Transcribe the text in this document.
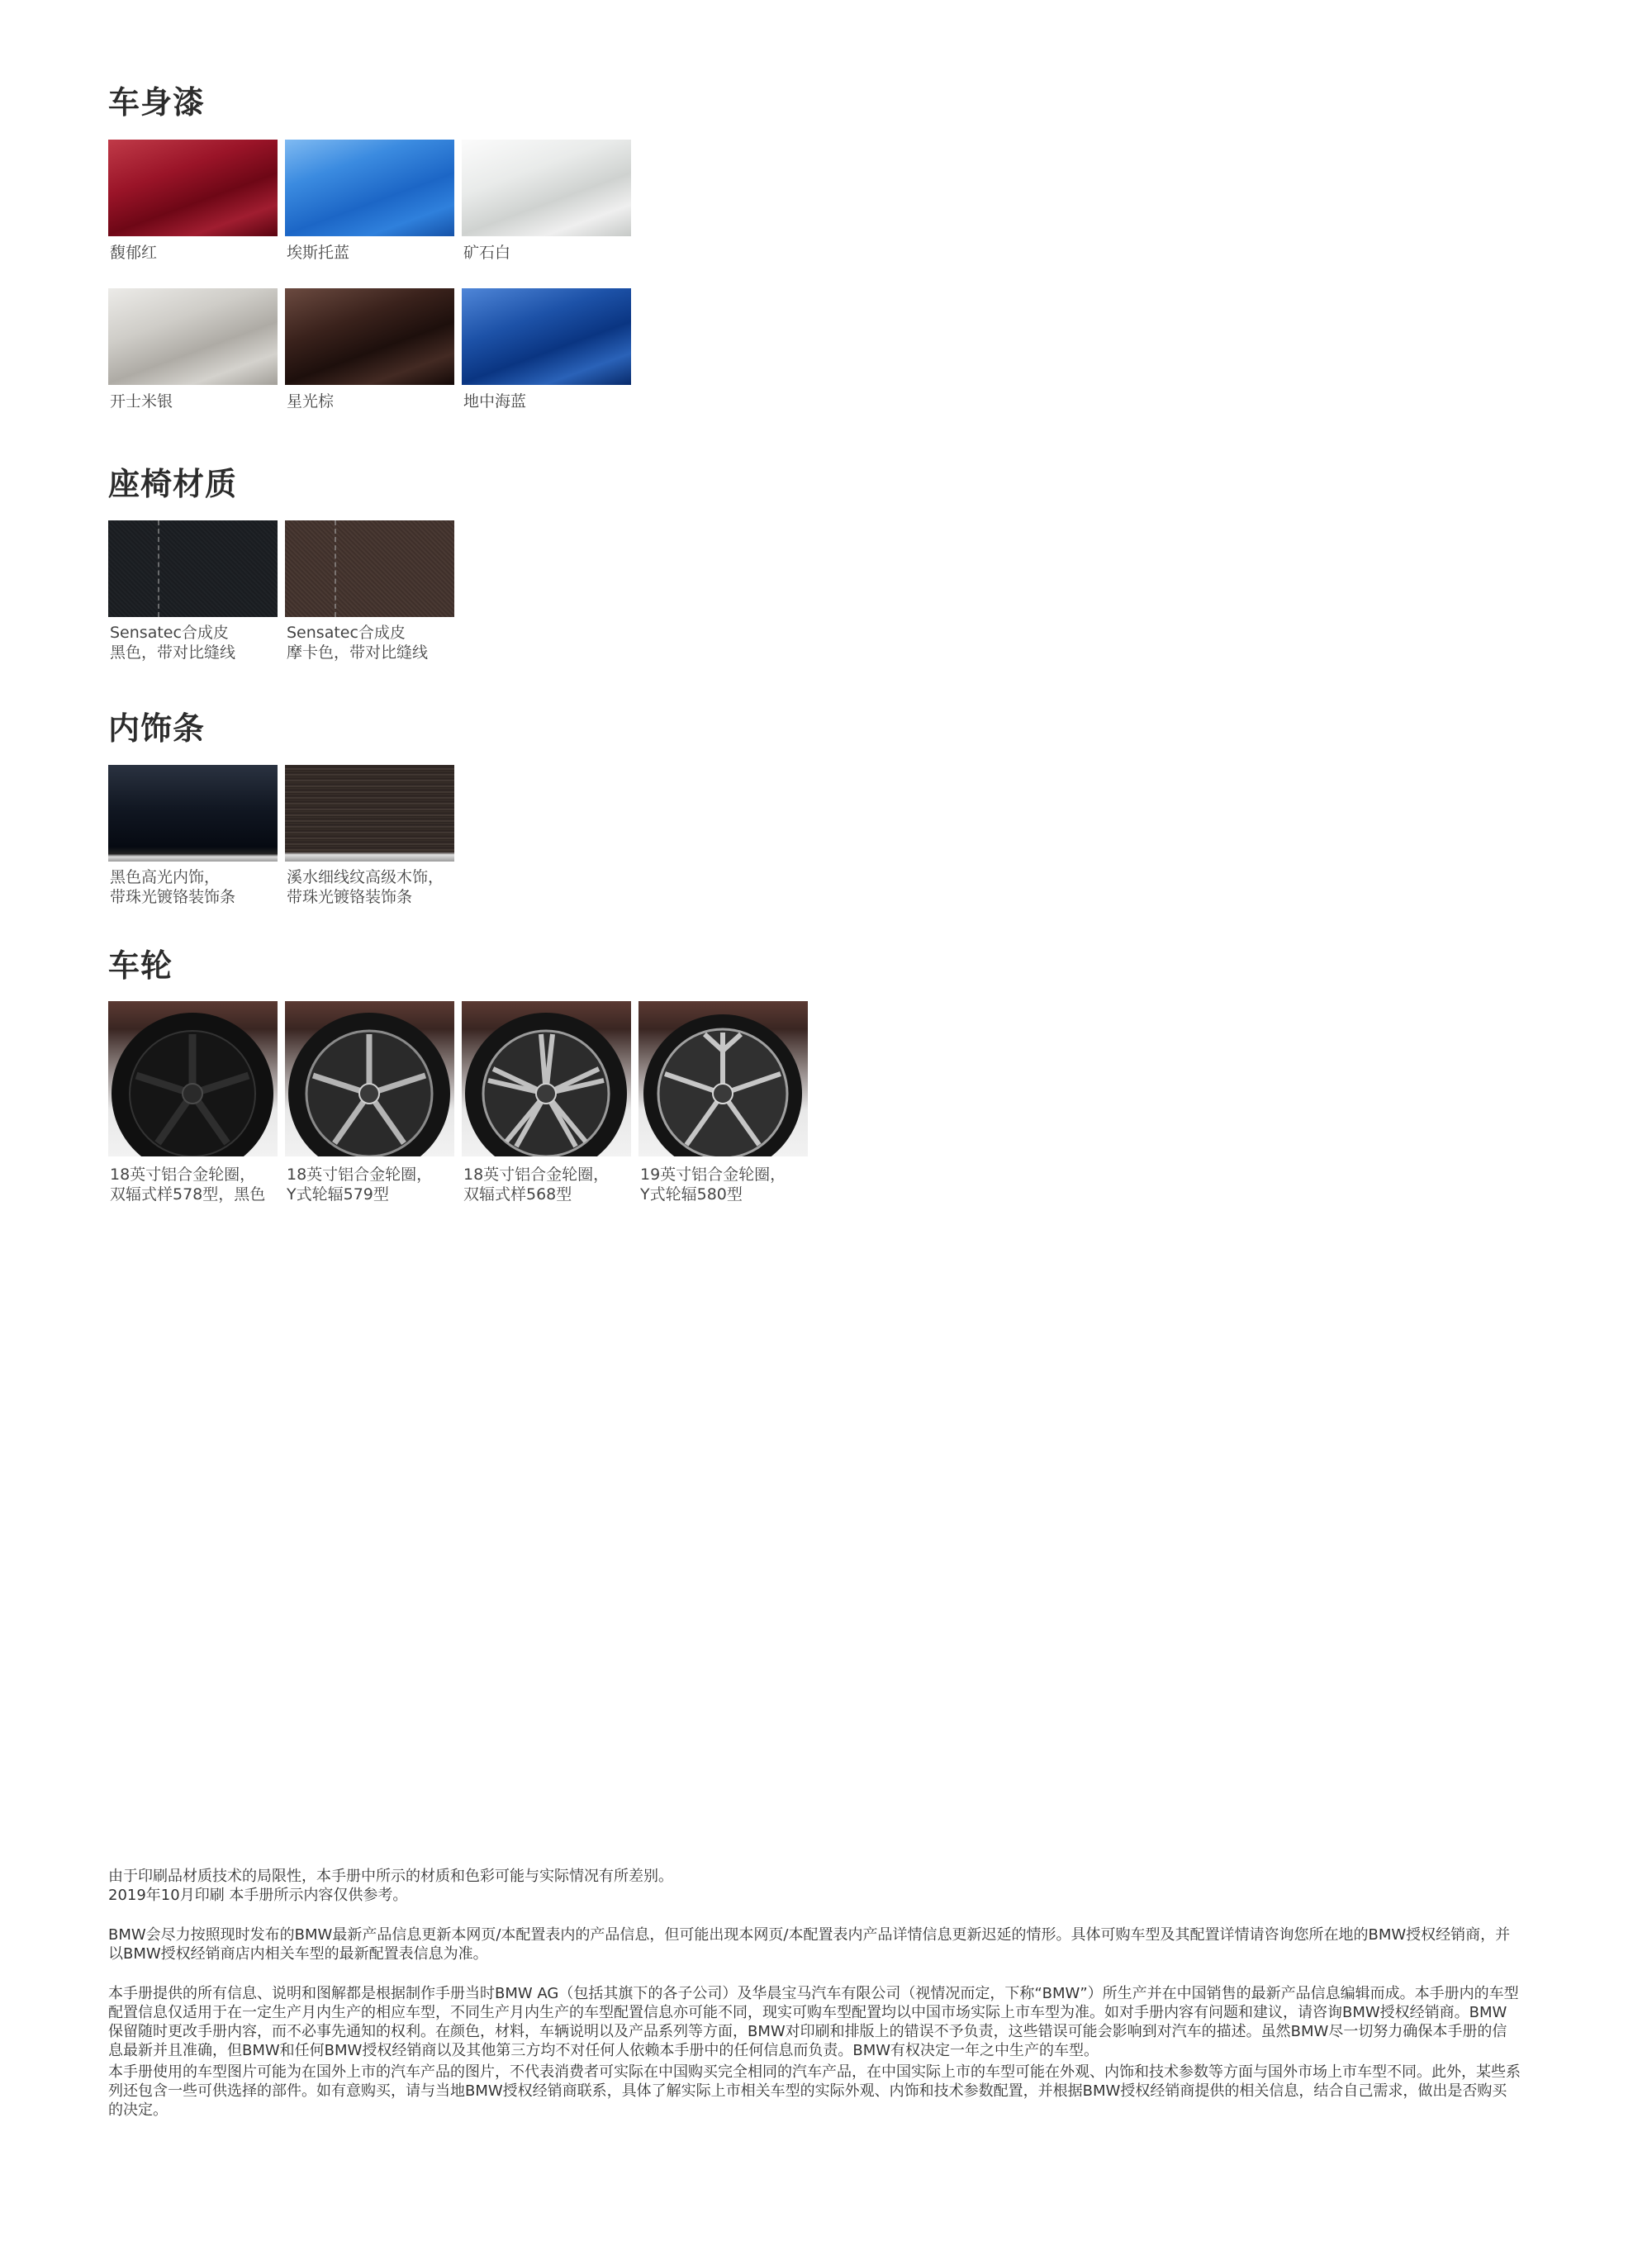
车身漆
馥郁红	埃斯托蓝	矿石白
开士米银	星光棕	地中海蓝
座椅材质
Sensatec合成皮
黑色，带对比缝线
Sensatec合成皮
摩卡色，带对比缝线
内饰条
黑色高光内饰，
带珠光镀铬装饰条
溪水细线纹高级木饰，
带珠光镀铬装饰条
车轮
18英寸铝合金轮圈，
双辐式样578型，黑色
18英寸铝合金轮圈，
Y式轮辐579型
18英寸铝合金轮圈，
双辐式样568型
19英寸铝合金轮圈，
Y式轮辐580型

由于印刷品材质技术的局限性，本手册中所示的材质和色彩可能与实际情况有所差别。

2019年10月印刷 本手册所示内容仅供参考。

BMW会尽力按照现时发布的BMW最新产品信息更新本网页/本配置表内的产品信息，但可能出现本网页/本配置表内产品详情信息更新迟延的情形。具体可购车型及其配置详情请咨询您所在地的BMW授权经销商，并以BMW授权经销商店内相关车型的最新配置表信息为准。

本手册提供的所有信息、说明和图解都是根据制作手册当时BMW AG（包括其旗下的各子公司）及华晨宝马汽车有限公司（视情况而定，下称“BMW”）所生产并在中国销售的最新产品信息编辑而成。本手册内的车型配置信息仅适用于在一定生产月内生产的相应车型，不同生产月内生产的车型配置信息亦可能不同，现实可购车型配置均以中国市场实际上市车型为准。如对手册内容有问题和建议，请咨询BMW授权经销商。BMW保留随时更改手册内容，而不必事先通知的权利。在颜色，材料，车辆说明以及产品系列等方面，BMW对印刷和排版上的错误不予负责，这些错误可能会影响到对汽车的描述。虽然BMW尽一切努力确保本手册的信息最新并且准确，但BMW和任何BMW授权经销商以及其他第三方均不对任何人依赖本手册中的任何信息而负责。BMW有权决定一年之中生产的车型。

本手册使用的车型图片可能为在国外上市的汽车产品的图片，不代表消费者可实际在中国购买完全相同的汽车产品，在中国实际上市的车型可能在外观、内饰和技术参数等方面与国外市场上市车型不同。此外，某些系列还包含一些可供选择的部件。如有意购买，请与当地BMW授权经销商联系，具体了解实际上市相关车型的实际外观、内饰和技术参数配置，并根据BMW授权经销商提供的相关信息，结合自己需求，做出是否购买的决定。
